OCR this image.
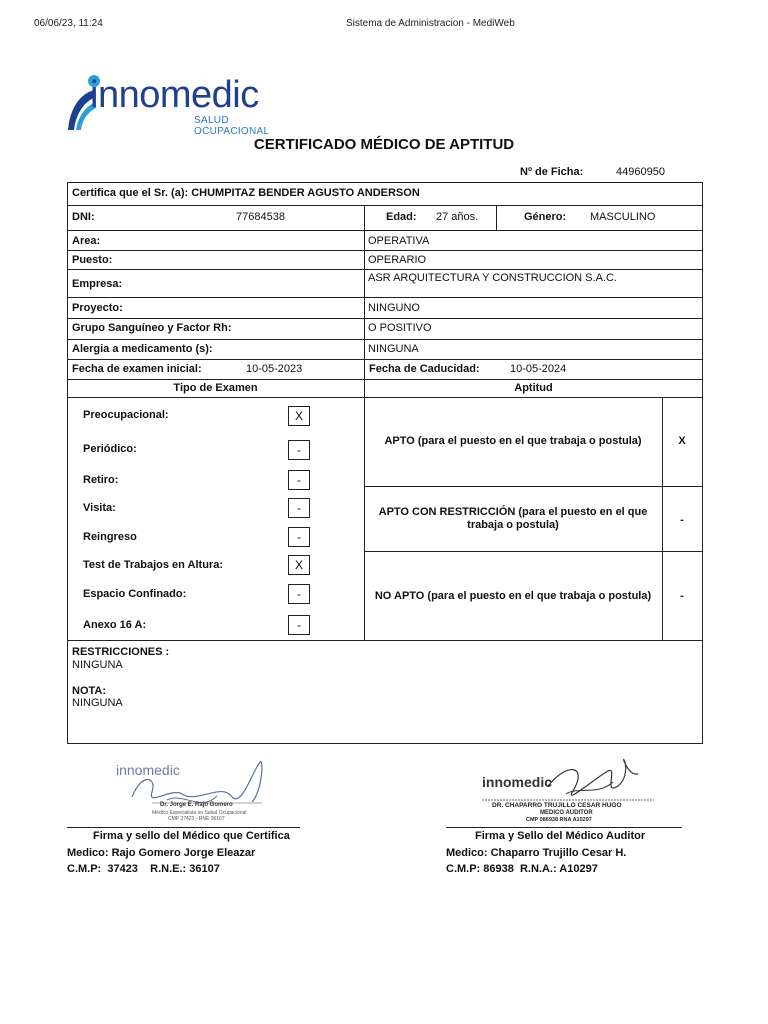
06/06/23, 11:24	Sistema de Administracion - MediWeb
innomedic
SALUD OCUPACIONAL
CERTIFICADO MÉDICO DE APTITUD
Nº de Ficha:	44960950
Certifica que el Sr. (a): CHUMPITAZ BENDER AGUSTO ANDERSON
DNI:	77684538	Edad: 27 años.	Género: MASCULINO
Area:	OPERATIVA
Puesto:	OPERARIO
Empresa:	ASR ARQUITECTURA Y CONSTRUCCION S.A.C.
Proyecto:	NINGUNO
Grupo Sanguíneo y Factor Rh:	O POSITIVO
Alergia a medicamento (s):	NINGUNA
Fecha de examen inicial:	10-05-2023	Fecha de Caducidad:	10-05-2024
Tipo de Examen	Aptitud
Preocupacional:	X
Periódico:	-
Retiro:	-
Visita:	-
Reingreso	-
Test de Trabajos en Altura:	X
Espacio Confinado:	-
Anexo 16 A:	-
APTO (para el puesto en el que trabaja o postula)	X
APTO CON RESTRICCIÓN (para el puesto en el que
trabaja o postula)	-
NO APTO (para el puesto en el que trabaja o postula)	-
RESTRICCIONES :
NINGUNA
NOTA:
NINGUNA
innomedic
Dr. Jorge E. Rajo Gomero
Médico Especialista en Salud Ocupacional
CMP 37423 - RNE 36107
innomedic
DR. CHAPARRO TRUJILLO CESAR HUGO
MEDICO AUDITOR
CMP 086938 RNA A10297
Firma y sello del Médico que Certifica
Medico: Rajo Gomero Jorge Eleazar
C.M.P:  37423    R.N.E.: 36107
Firma y Sello del Médico Auditor
Medico: Chaparro Trujillo Cesar H.
C.M.P: 86938  R.N.A.: A10297
